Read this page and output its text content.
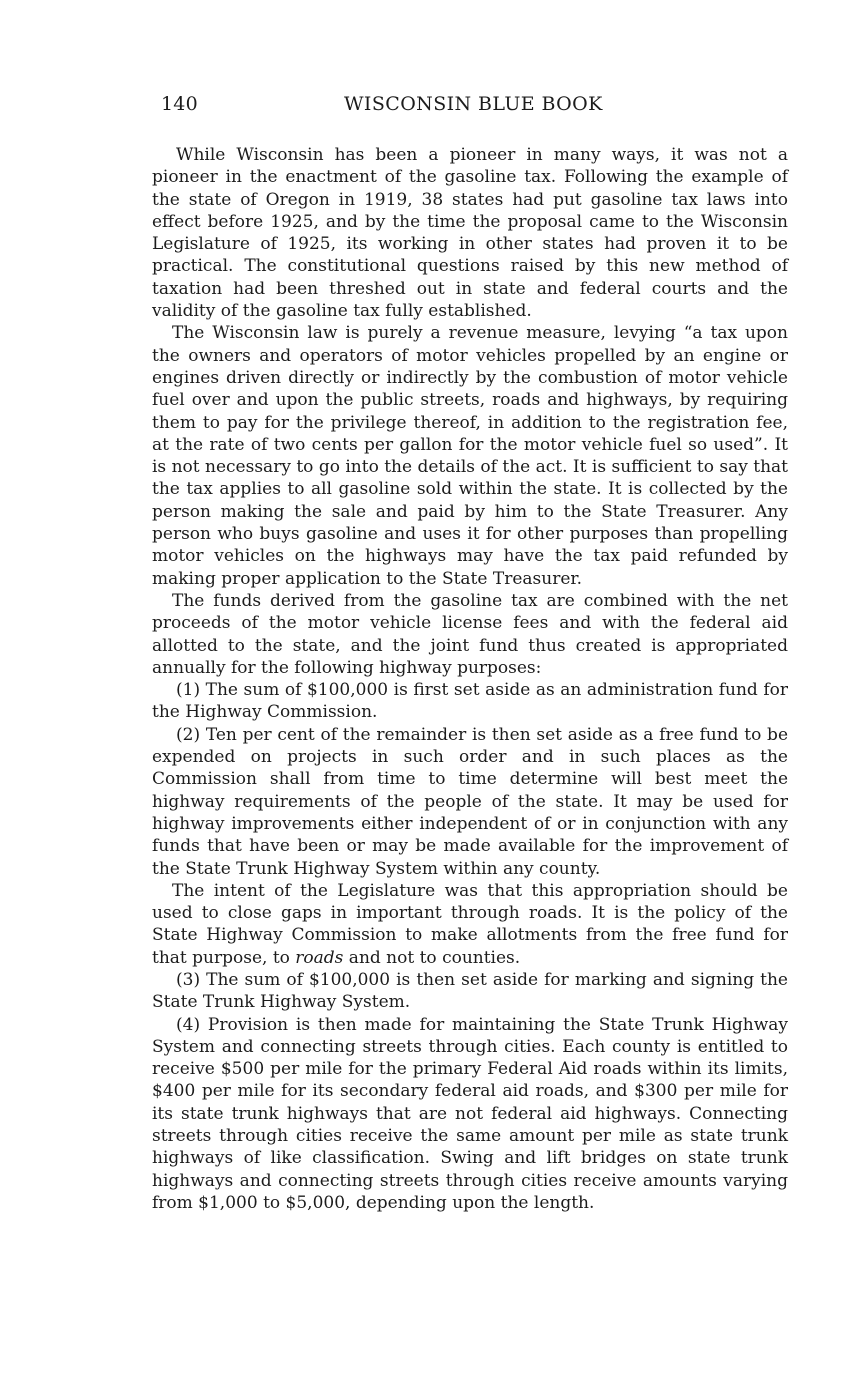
140	WISCONSIN BLUE BOOK

While Wisconsin has been a pioneer in many ways, it was not a pioneer in the enactment of the gasoline tax. Following the example of the state of Oregon in 1919, 38 states had put gasoline tax laws into effect before 1925, and by the time the proposal came to the Wisconsin Legislature of 1925, its working in other states had proven it to be practical. The constitutional questions raised by this new method of taxation had been threshed out in state and federal courts and the validity of the gasoline tax fully established.

The Wisconsin law is purely a revenue measure, levying “a tax upon the owners and operators of motor vehicles propelled by an engine or engines driven directly or indirectly by the combustion of motor vehicle fuel over and upon the public streets, roads and highways, by requiring them to pay for the privilege thereof, in addition to the registration fee, at the rate of two cents per gallon for the motor vehicle fuel so used”. It is not necessary to go into the details of the act. It is sufficient to say that the tax applies to all gasoline sold within the state. It is collected by the person making the sale and paid by him to the State Treasurer. Any person who buys gasoline and uses it for other purposes than propelling motor vehicles on the highways may have the tax paid refunded by making proper application to the State Treasurer.

The funds derived from the gasoline tax are combined with the net proceeds of the motor vehicle license fees and with the federal aid allotted to the state, and the joint fund thus created is appropriated annually for the following highway purposes:

(1) The sum of $100,000 is first set aside as an administration fund for the Highway Commission.

(2) Ten per cent of the remainder is then set aside as a free fund to be expended on projects in such order and in such places as the Commission shall from time to time determine will best meet the highway requirements of the people of the state. It may be used for highway improvements either independent of or in conjunction with any funds that have been or may be made available for the improvement of the State Trunk Highway System within any county.

The intent of the Legislature was that this appropriation should be used to close gaps in important through roads. It is the policy of the State Highway Commission to make allotments from the free fund for that purpose, to roads and not to counties.

(3) The sum of $100,000 is then set aside for marking and signing the State Trunk Highway System.

(4) Provision is then made for maintaining the State Trunk Highway System and connecting streets through cities. Each county is entitled to receive $500 per mile for the primary Federal Aid roads within its limits, $400 per mile for its secondary federal aid roads, and $300 per mile for its state trunk highways that are not federal aid highways. Connecting streets through cities receive the same amount per mile as state trunk highways of like classification. Swing and lift bridges on state trunk highways and connecting streets through cities receive amounts varying from $1,000 to $5,000, depending upon the length.
